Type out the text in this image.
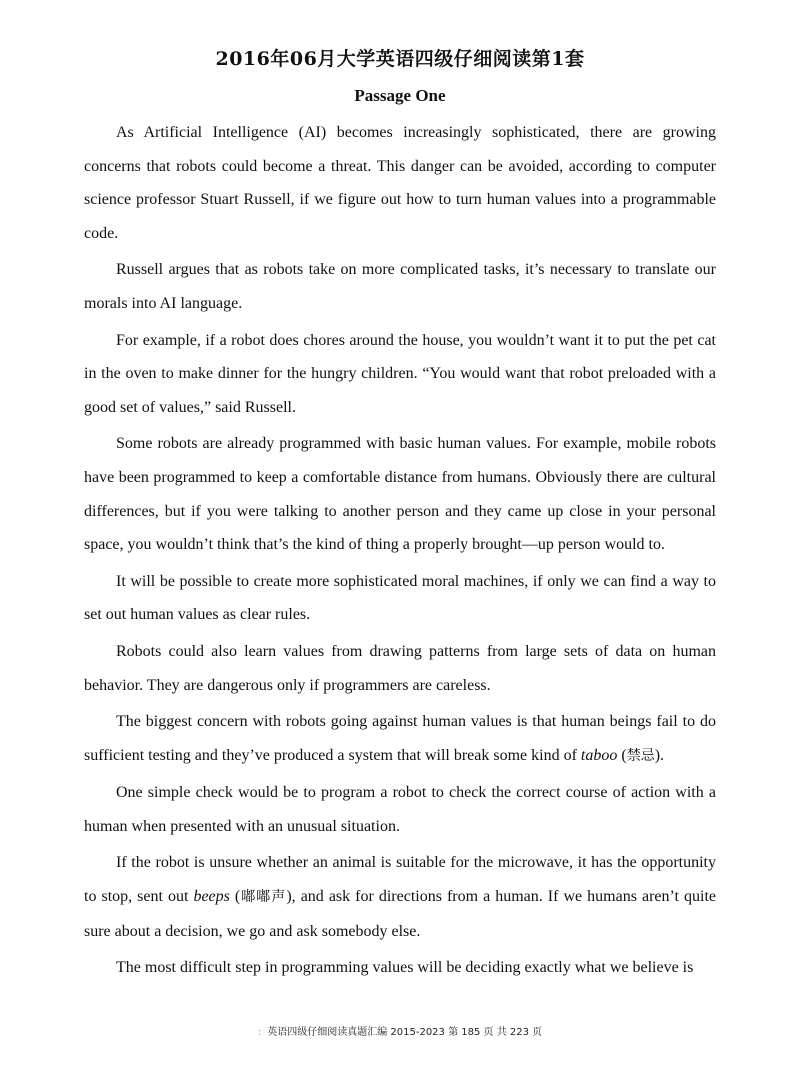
2016年06月大学英语四级仔细阅读第1套
Passage One

As Artificial Intelligence (AI) becomes increasingly sophisticated, there are growing concerns that robots could become a threat. This danger can be avoided, according to computer science professor Stuart Russell, if we figure out how to turn human values into a programmable code.

Russell argues that as robots take on more complicated tasks, it’s necessary to translate our morals into AI language.

For example, if a robot does chores around the house, you wouldn’t want it to put the pet cat in the oven to make dinner for the hungry children. “You would want that robot preloaded with a good set of values,” said Russell.

Some robots are already programmed with basic human values. For example, mobile robots have been programmed to keep a comfortable distance from humans. Obviously there are cultural differences, but if you were talking to another person and they came up close in your personal space, you wouldn’t think that’s the kind of thing a properly brought—up person would to.

It will be possible to create more sophisticated moral machines, if only we can find a way to set out human values as clear rules.

Robots could also learn values from drawing patterns from large sets of data on human behavior. They are dangerous only if programmers are careless.

The biggest concern with robots going against human values is that human beings fail to do sufficient testing and they’ve produced a system that will break some kind of taboo (禁忌).

One simple check would be to program a robot to check the correct course of action with a human when presented with an unusual situation.

If the robot is unsure whether an animal is suitable for the microwave, it has the opportunity to stop, sent out beeps (嘟嘟声), and ask for directions from a human. If we humans aren’t quite sure about a decision, we go and ask somebody else.

The most difficult step in programming values will be deciding exactly what we believe is

: 英语四级仔细阅读真题汇编 2015-2023 第 185 页 共 223 页
